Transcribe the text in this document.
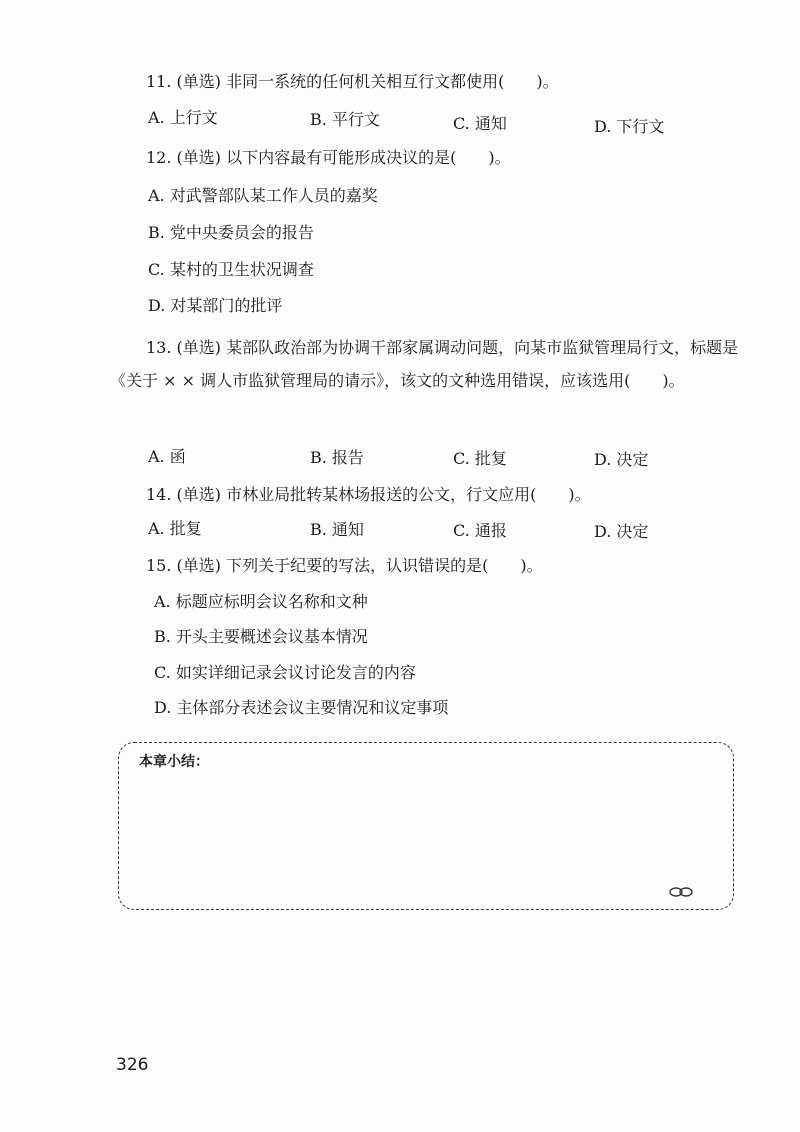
11. (单选) 非同一系统的任何机关相互行文都使用(　　)。
A. 上行文	B. 平行文	C. 通知	D. 下行文
12. (单选) 以下内容最有可能形成决议的是(　　)。
A. 对武警部队某工作人员的嘉奖
B. 党中央委员会的报告
C. 某村的卫生状况调查
D. 对某部门的批评
13. (单选) 某部队政治部为协调干部家属调动问题，向某市监狱管理局行文，标题是《关于 × × 调人市监狱管理局的请示》，该文的文种选用错误，应该选用(　　)。
A. 函	B. 报告	C. 批复	D. 决定
14. (单选) 市林业局批转某林场报送的公文，行文应用(　　)。
A. 批复	B. 通知	C. 通报	D. 决定
15. (单选) 下列关于纪要的写法，认识错误的是(　　)。
A. 标题应标明会议名称和文种
B. 开头主要概述会议基本情况
C. 如实详细记录会议讨论发言的内容
D. 主体部分表述会议主要情况和议定事项
本章小结：
326
